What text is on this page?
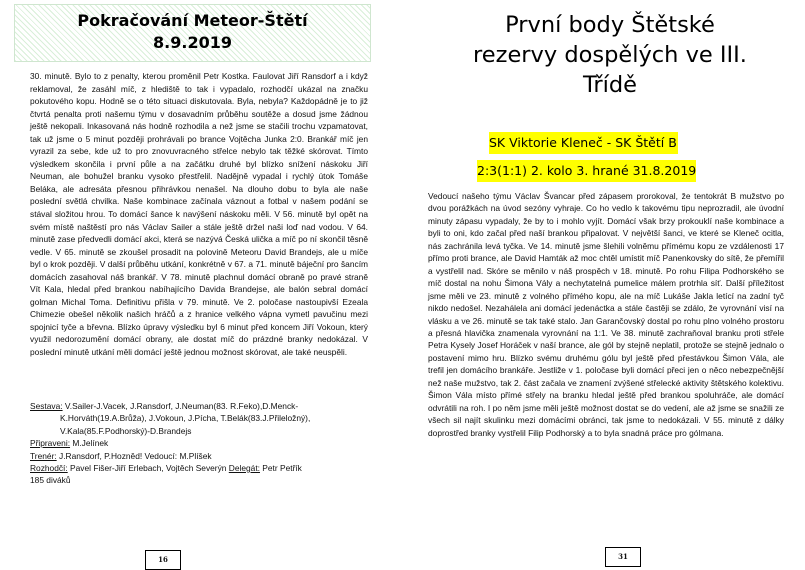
Pokračování Meteor-Štětí
8.9.2019

30. minutě. Bylo to z penalty, kterou proměnil Petr Kostka. Faulovat Jiří Ransdorf a i když reklamoval, že zasáhl míč, z hlediště to tak i vypadalo, rozhodčí ukázal na značku pokutového kopu. Hodně se o této situaci diskutovala. Byla, nebyla? Každopádně je to již čtvrtá penalta proti našemu týmu v dosavadním průběhu soutěže a dosud jsme žádnou ještě nekopali. Inkasovaná nás hodně rozhodila a než jsme se stačili trochu vzpamatovat, tak už jsme o 5 minut později prohrávali po brance Vojtěcha Junka 2:0. Brankář míč jen vyrazil za sebe, kde už to pro znovuvracného střelce nebylo tak těžké skórovat. Tímto výsledkem skončila i první půle a na začátku druhé byl blízko snížení náskoku Jiří Neuman, ale bohužel branku vysoko přestřelil. Nadějně vypadal i rychlý útok Tomáše Beláka, ale adresáta přesnou přihrávkou nenašel. Na dlouho dobu to byla ale naše poslední světlá chvilka. Naše kombinace začínala váznout a fotbal v našem podání se stával složitou hrou. To domácí šance k navýšení náskoku měli. V 56. minutě byl opět na svém místě naštěstí pro nás Václav Sailer a stále ještě držel naši loď nad vodou. V 64. minutě zase předvedli domácí akci, která se nazývá Česká ulička a míč po ní skončil těsně vedle. V 65. minutě se zkoušel prosadit na polovině Meteoru David Brandejs, ale u míče byl o krok později. V další průběhu utkání, konkrétně v 67. a 71. minutě báječní pro šancím domácích zasahoval náš brankář. V 78. minutě plachnul domácí obraně po pravé straně Vít Kala, hledal před brankou nabíhajícího Davida Brandejse, ale balón sebral domácí golman Michal Toma. Definitivu přišla v 79. minutě. Ve 2. poločase nastoupivší Ezeala Chimezie obešel několik našich hráčů a z hranice velkého vápna vymetl pavučinu mezi spojnicí tyče a břevna. Blízko úpravy výsledku byl 6 minut před koncem Jiří Vokoun, který využil nedorozumění domácí obrany, ale dostat míč do prázdné branky nedokázal. V poslední minutě utkání měli domácí ještě jednou možnost skórovat, ale také neuspěli.

Sestava: V.Sailer-J.Vacek, J.Ransdorf, J.Neuman(83. R.Feko),D.Menck-
K.Horváth(19.A.Brůža), J.Vokoun, J.Pícha, T.Belák(83.J.Přileložný),
V.Kala(85.F.Podhorský)-D.Brandejs
Připraveni: M.Jelínek
Trenér: J.Ransdorf, P.Hozněd! Vedoucí: M.Plíšek
Rozhodčí: Pavel Fišer-Jiří Erlebach, Vojtěch Severýn Delegát: Petr Petřík
185 diváků
16
První body Štětské
rezervy dospělých ve III.
Třídě
SK Viktorie Kleneč - SK Štětí B 2:3(1:1) 2. kolo 3. hrané 31.8.2019

Vedoucí našeho týmu Václav Švancar před zápasem prorokoval, že tentokrát B mužstvo po dvou porážkách na úvod sezóny vyhraje. Co ho vedlo k takovému tipu neprozradil, ale úvodní minuty zápasu vypadaly, že by to i mohlo vyjít. Domácí však brzy prokouklí naše kombinace a byli to oni, kdo začal před naší brankou připalovat. V největší šanci, ve které se Kleneč ocitla, nás zachránila levá tyčka. Ve 14. minutě jsme šlehili volněmu přímému kopu ze vzdálenosti 17 přímo proti brance, ale David Hamták až moc chtěl umístit míč Panenkovsky do sítě, že přemířil a vystřelil nad. Skóre se měnilo v náš prospěch v 18. minutě. Po rohu Filipa Podhorského se míč dostal na nohu Šimona Vály a nechytatelná pumelice málem protrhla síť. Další příležitost jsme měli ve 23. minutě z volného přímého kopu, ale na míč Lukáše Jakla letící na zadní tyč nikdo nedošel. Nezahálela ani domácí jedenáctka a stále častěji se zdálo, že vyrovnání visí na vlásku a ve 26. minutě se tak také stalo. Jan Garančovský dostal po rohu plno volného prostoru a přesná hlavička znamenala vyrovnání na 1:1. Ve 38. minutě zachraňoval branku proti střele Petra Kysely Josef Horáček v naší brance, ale gól by stejně neplatil, protože se stejně jednalo o postavení mimo hru. Blízko svému druhému gólu byl ještě před přestávkou Šimon Vála, ale trefil jen domácího brankáře. Jestliže v 1. poločase byli domácí přeci jen o něco nebezpečnější než naše mužstvo, tak 2. část začala ve znamení zvýšené střelecké aktivity štětského kolektivu. Šimon Vála místo přímé střely na branku hledal ještě před brankou spoluhráče, ale domácí odvrátili na roh. I po něm jsme měli ještě možnost dostat se do vedení, ale až jsme se snažili ze všech sil najít skulinku mezi domácími obránci, tak jsme to nedokázali. V 55. minutě z dálky doprostřed branky vystřelil Filip Podhorský a to byla snadná práce pro gólmana.

31
